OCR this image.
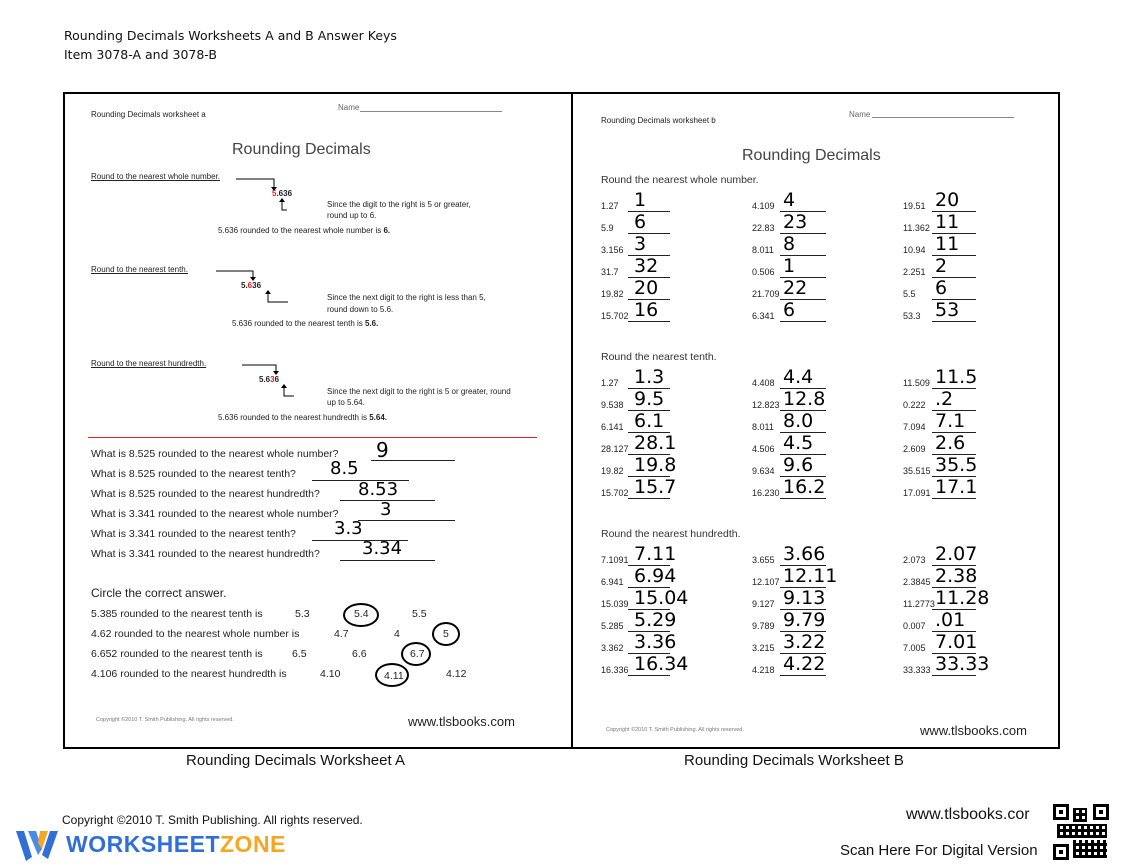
Rounding Decimals Worksheets A and B Answer Keys
Item 3078-A and 3078-B
Rounding Decimals worksheet a
Name
Rounding Decimals
Round to the nearest whole number.
5.636
Since the digit to the right is 5 or greater,
round up to 6.
5.636 rounded to the nearest whole number is 6.
Round to the nearest tenth.
5.636
Since the next digit to the right is less than 5,
round down to 5.6.
5.636 rounded to the nearest tenth is 5.6.
Round to the nearest hundredth.
5.636
Since the next digit to the right is 5 or greater, round
up to 5.64.
5.636 rounded to the nearest hundredth is 5.64.
What is 8.525 rounded to the nearest whole number? 9
What is 8.525 rounded to the nearest tenth? 8.5
What is 8.525 rounded to the nearest hundredth? 8.53
What is 3.341 rounded to the nearest whole number? 3
What is 3.341 rounded to the nearest tenth? 3.3
What is 3.341 rounded to the nearest hundredth? 3.34
Circle the correct answer.
5.385 rounded to the nearest tenth is	5.3	5.4	5.5
4.62 rounded to the nearest whole number is	4.7	4	5
6.652 rounded to the nearest tenth is	6.5	6.6	6.7
4.106 rounded to the nearest hundredth is	4.10	4.11	4.12
Copyright ©2010 T. Smith Publishing. All rights reserved.	www.tlsbooks.com
Rounding Decimals worksheet b
Name
Rounding Decimals
Round the nearest whole number.
1.27 1	4.109 4	19.51 20
5.9 6	22.83 23	11.362 11
3.156 3	8.011 8	10.94 11
31.7 32	0.506 1	2.251 2
19.82 20	21.709 22	5.5 6
15.702 16	6.341 6	53.3 53
Round the nearest tenth.
1.27 1.3	4.408 4.4	11.509 11.5
9.538 9.5	12.823 12.8	0.222 .2
6.141 6.1	8.011 8.0	7.094 7.1
28.127 28.1	4.506 4.5	2.609 2.6
19.82 19.8	9.634 9.6	35.515 35.5
15.702 15.7	16.230 16.2	17.091 17.1
Round the nearest hundredth.
7.1091 7.11	3.655 3.66	2.073 2.07
6.941 6.94	12.107 12.11	2.3845 2.38
15.039 15.04	9.127 9.13	11.2773 11.28
5.285 5.29	9.789 9.79	0.007 .01
3.362 3.36	3.215 3.22	7.005 7.01
16.336 16.34	4.218 4.22	33.333 33.33
Copyright ©2010 T. Smith Publishing. All rights reserved.	www.tlsbooks.com
Rounding Decimals Worksheet A	Rounding Decimals Worksheet B
Copyright ©2010 T. Smith Publishing. All rights reserved.
WORKSHEETZONE
www.tlsbooks.cor
Scan Here For Digital Version
